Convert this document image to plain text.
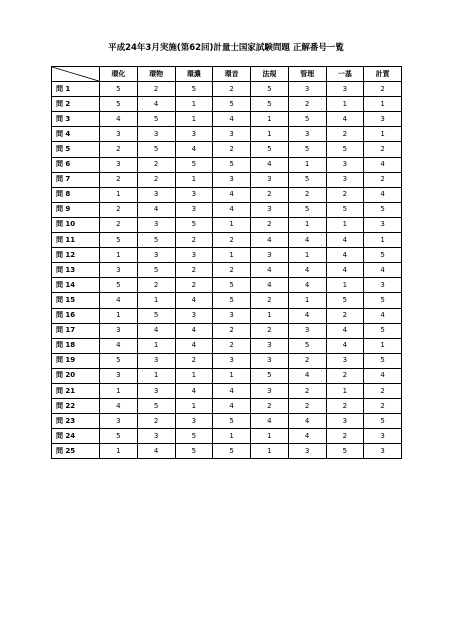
平成24年3月実施(第62回)計量士国家試験問題 正解番号一覧
	環化	環物	環濃	環音	法規	管理	一基	計質
問 1	5	2	5	2	5	3	3	2
問 2	5	4	1	5	5	2	1	1
問 3	4	5	1	4	1	5	4	3
問 4	3	3	3	3	1	3	2	1
問 5	2	5	4	2	5	5	5	2
問 6	3	2	5	5	4	1	3	4
問 7	2	2	1	3	3	5	3	2
問 8	1	3	3	4	2	2	2	4
問 9	2	4	3	4	3	5	5	5
問 10	2	3	5	1	2	1	1	3
問 11	5	5	2	2	4	4	4	1
問 12	1	3	3	1	3	1	4	5
問 13	3	5	2	2	4	4	4	4
問 14	5	2	2	5	4	4	1	3
問 15	4	1	4	5	2	1	5	5
問 16	1	5	3	3	1	4	2	4
問 17	3	4	4	2	2	3	4	5
問 18	4	1	4	2	3	5	4	1
問 19	5	3	2	3	3	2	3	5
問 20	3	1	1	1	5	4	2	4
問 21	1	3	4	4	3	2	1	2
問 22	4	5	1	4	2	2	2	2
問 23	3	2	3	5	4	4	3	5
問 24	5	3	5	1	1	4	2	3
問 25	1	4	5	5	1	3	5	3
